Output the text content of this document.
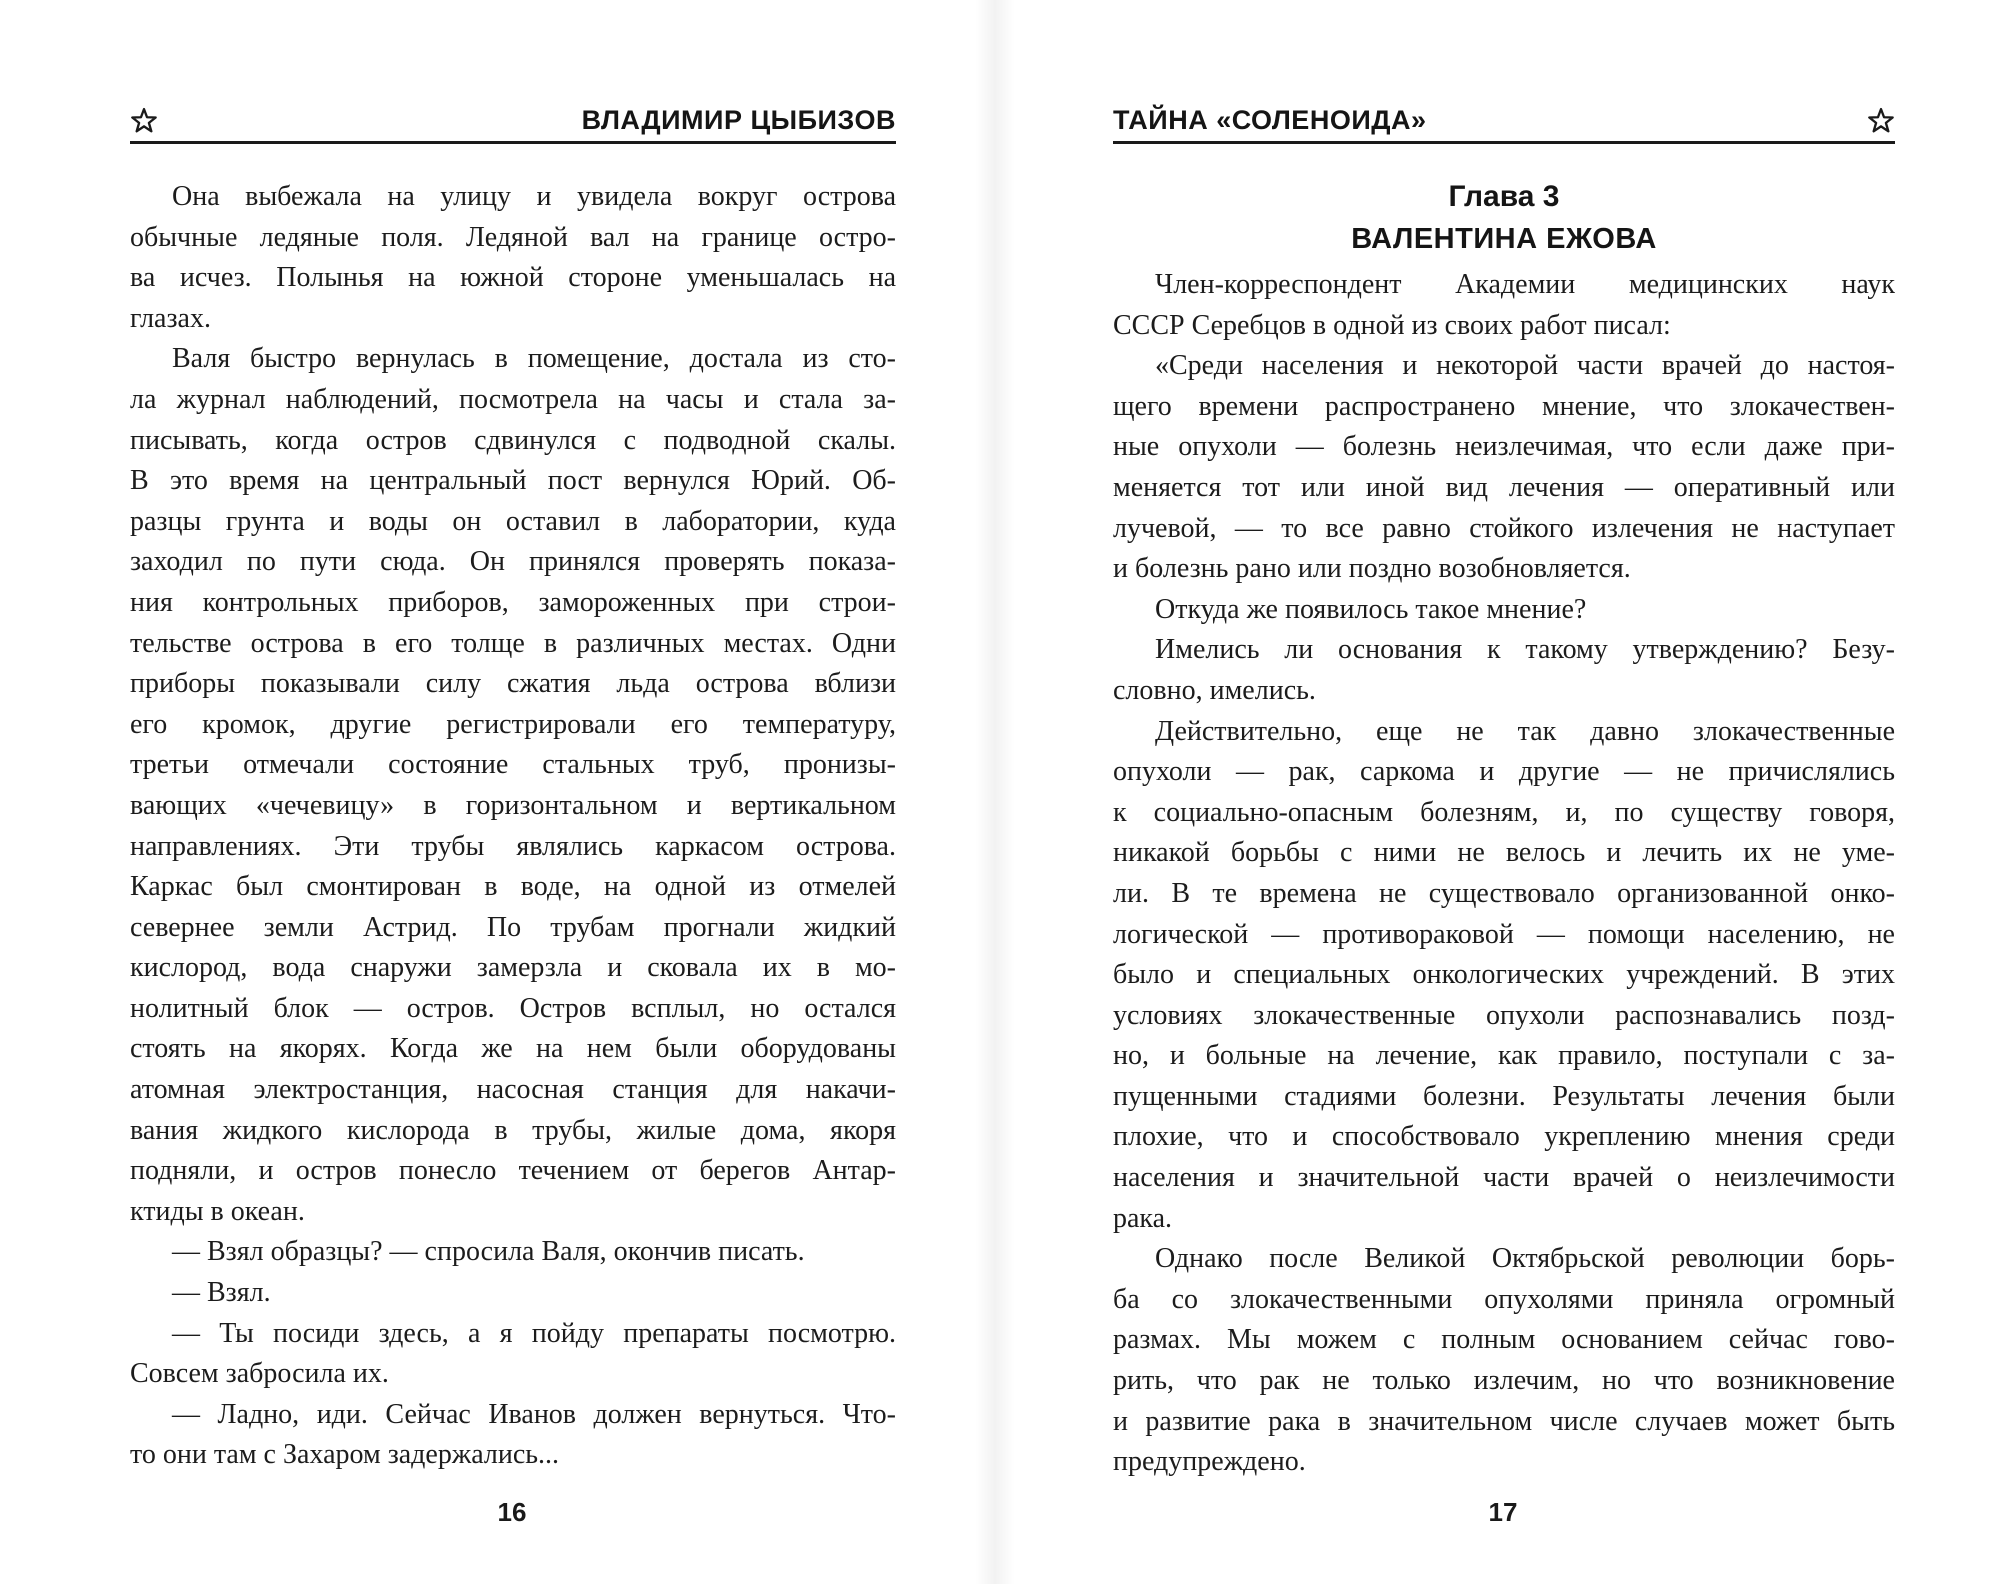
ВЛАДИМИР ЦЫБИЗОВ
Она выбежала на улицу и увидела вокруг острова
обычные ледяные поля. Ледяной вал на границе остро-
ва исчез. Полынья на южной стороне уменьшалась на
глазах.
Валя быстро вернулась в помещение, достала из сто-
ла журнал наблюдений, посмотрела на часы и стала за-
писывать, когда остров сдвинулся с подводной скалы.
В это время на центральный пост вернулся Юрий. Об-
разцы грунта и воды он оставил в лаборатории, куда
заходил по пути сюда. Он принялся проверять показа-
ния контрольных приборов, замороженных при строи-
тельстве острова в его толще в различных местах. Одни
приборы показывали силу сжатия льда острова вблизи
его кромок, другие регистрировали его температуру,
третьи отмечали состояние стальных труб, пронизы-
вающих «чечевицу» в горизонтальном и вертикальном
направлениях. Эти трубы являлись каркасом острова.
Каркас был смонтирован в воде, на одной из отмелей
севернее земли Астрид. По трубам прогнали жидкий
кислород, вода снаружи замерзла и сковала их в мо-
нолитный блок — остров. Остров всплыл, но остался
стоять на якорях. Когда же на нем были оборудованы
атомная электростанция, насосная станция для накачи-
вания жидкого кислорода в трубы, жилые дома, якоря
подняли, и остров понесло течением от берегов Антар-
ктиды в океан.
— Взял образцы? — спросила Валя, окончив писать.
— Взял.
— Ты посиди здесь, а я пойду препараты посмотрю.
Совсем забросила их.
— Ладно, иди. Сейчас Иванов должен вернуться. Что-
то они там с Захаром задержались...
16
ТАЙНА «СОЛЕНОИДА»
Глава 3
ВАЛЕНТИНА ЕЖОВА
Член-корреспондент Академии медицинских наук
СССР Серебцов в одной из своих работ писал:
«Среди населения и некоторой части врачей до настоя-
щего времени распространено мнение, что злокачествен-
ные опухоли — болезнь неизлечимая, что если даже при-
меняется тот или иной вид лечения — оперативный или
лучевой, — то все равно стойкого излечения не наступает
и болезнь рано или поздно возобновляется.
Откуда же появилось такое мнение?
Имелись ли основания к такому утверждению? Безу-
словно, имелись.
Действительно, еще не так давно злокачественные
опухоли — рак, саркома и другие — не причислялись
к социально-опасным болезням, и, по существу говоря,
никакой борьбы с ними не велось и лечить их не уме-
ли. В те времена не существовало организованной онко-
логической — противораковой — помощи населению, не
было и специальных онкологических учреждений. В этих
условиях злокачественные опухоли распознавались позд-
но, и больные на лечение, как правило, поступали с за-
пущенными стадиями болезни. Результаты лечения были
плохие, что и способствовало укреплению мнения среди
населения и значительной части врачей о неизлечимости
рака.
Однако после Великой Октябрьской революции борь-
ба со злокачественными опухолями приняла огромный
размах. Мы можем с полным основанием сейчас гово-
рить, что рак не только излечим, но что возникновение
и развитие рака в значительном числе случаев может быть
предупреждено.
17
